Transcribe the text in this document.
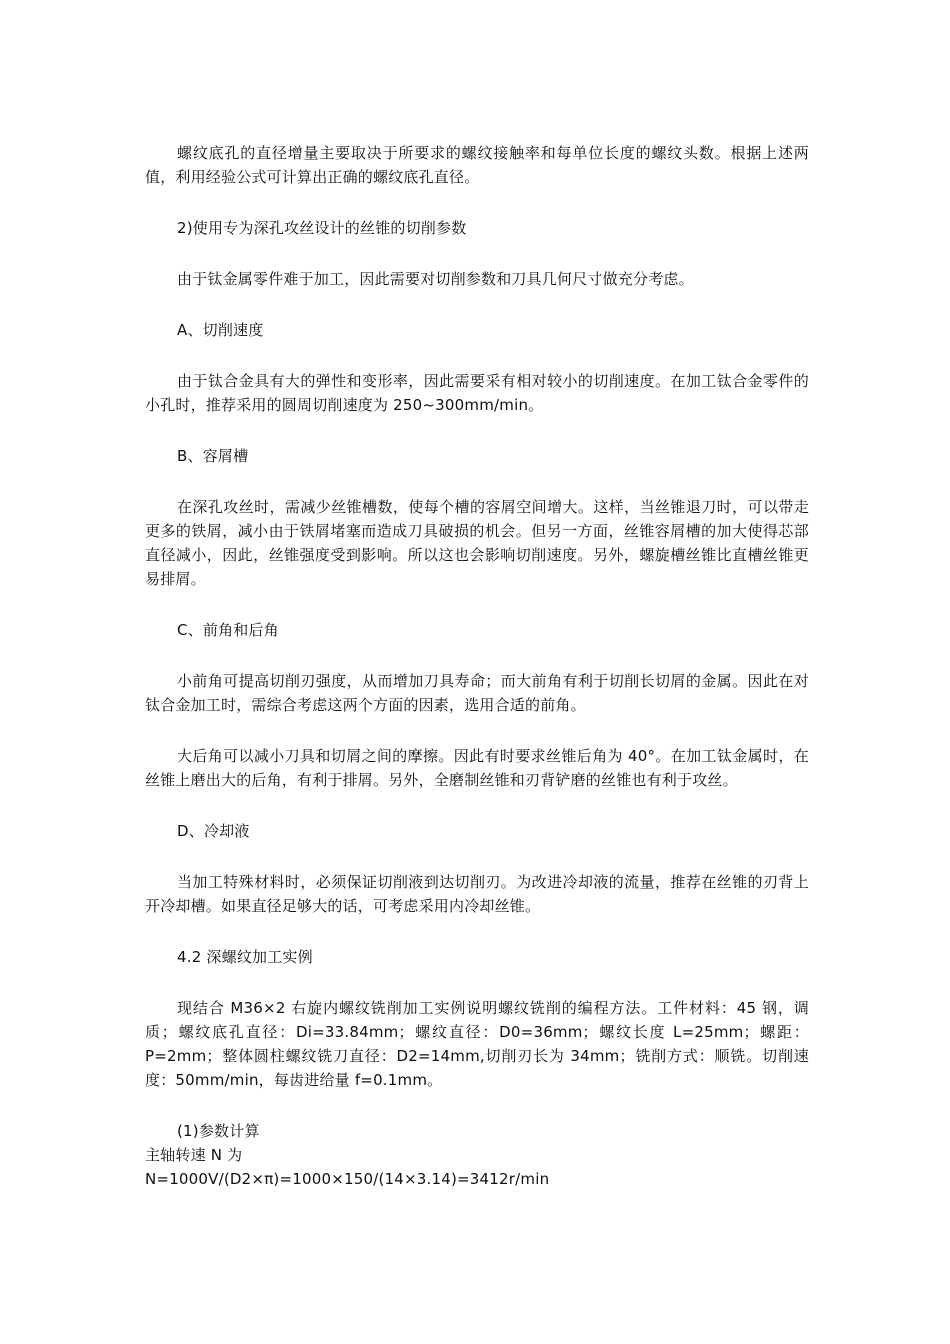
螺纹底孔的直径增量主要取决于所要求的螺纹接触率和每单位长度的螺纹头数。根据上述两值，利用经验公式可计算出正确的螺纹底孔直径。

2)使用专为深孔攻丝设计的丝锥的切削参数

由于钛金属零件难于加工，因此需要对切削参数和刀具几何尺寸做充分考虑。

A、切削速度

由于钛合金具有大的弹性和变形率，因此需要采有相对较小的切削速度。在加工钛合金零件的小孔时，推荐采用的圆周切削速度为 250~300mm/min。

B、容屑槽

在深孔攻丝时，需减少丝锥槽数，使每个槽的容屑空间增大。这样，当丝锥退刀时，可以带走更多的铁屑，减小由于铁屑堵塞而造成刀具破损的机会。但另一方面，丝锥容屑槽的加大使得芯部直径减小，因此，丝锥强度受到影响。所以这也会影响切削速度。另外，螺旋槽丝锥比直槽丝锥更易排屑。

C、前角和后角

小前角可提高切削刃强度，从而增加刀具寿命；而大前角有利于切削长切屑的金属。因此在对钛合金加工时，需综合考虑这两个方面的因素，选用合适的前角。

大后角可以减小刀具和切屑之间的摩擦。因此有时要求丝锥后角为 40°。在加工钛金属时，在丝锥上磨出大的后角，有利于排屑。另外，全磨制丝锥和刃背铲磨的丝锥也有利于攻丝。

D、冷却液

当加工特殊材料时，必须保证切削液到达切削刃。为改进冷却液的流量，推荐在丝锥的刃背上开冷却槽。如果直径足够大的话，可考虑采用内冷却丝锥。

4.2 深螺纹加工实例

现结合 M36×2 右旋内螺纹铣削加工实例说明螺纹铣削的编程方法。工件材料：45 钢，调质；螺纹底孔直径：Di=33.84mm；螺纹直径：D0=36mm；螺纹长度 L=25mm；螺距：P=2mm；整体圆柱螺纹铣刀直径：D2=14mm,切削刃长为 34mm；铣削方式：顺铣。切削速度：50mm/min，每齿进给量 f=0.1mm。

(1)参数计算

主轴转速 N 为

N=1000V/(D2×π)=1000×150/(14×3.14)=3412r/min
